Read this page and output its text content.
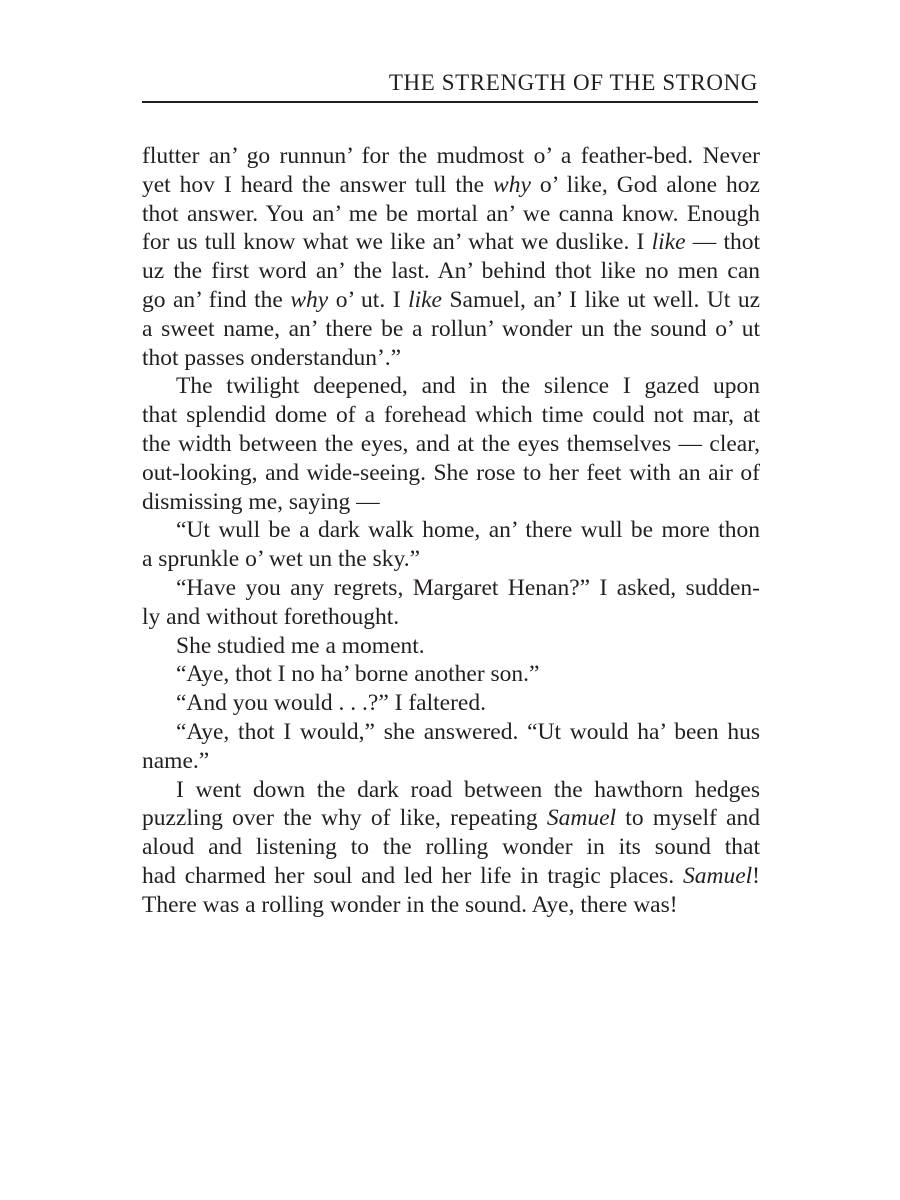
THE STRENGTH OF THE STRONG
flutter an’ go runnun’ for the mudmost o’ a feather-bed. Never
yet hov I heard the answer tull the why o’ like, God alone hoz
thot answer. You an’ me be mortal an’ we canna know. Enough
for us tull know what we like an’ what we duslike. I like — thot
uz the first word an’ the last. An’ behind thot like no men can
go an’ find the why o’ ut. I like Samuel, an’ I like ut well. Ut uz
a sweet name, an’ there be a rollun’ wonder un the sound o’ ut
thot passes onderstandun’.”
The twilight deepened, and in the silence I gazed upon
that splendid dome of a forehead which time could not mar, at
the width between the eyes, and at the eyes themselves — clear,
out-looking, and wide-seeing. She rose to her feet with an air of
dismissing me, saying —
“Ut wull be a dark walk home, an’ there wull be more thon
a sprunkle o’ wet un the sky.”
“Have you any regrets, Margaret Henan?” I asked, sudden-
ly and without forethought.
She studied me a moment.
“Aye, thot I no ha’ borne another son.”
“And you would . . .?” I faltered.
“Aye, thot I would,” she answered. “Ut would ha’ been hus
name.”
I went down the dark road between the hawthorn hedges
puzzling over the why of like, repeating Samuel to myself and
aloud and listening to the rolling wonder in its sound that
had charmed her soul and led her life in tragic places. Samuel!
There was a rolling wonder in the sound. Aye, there was!
